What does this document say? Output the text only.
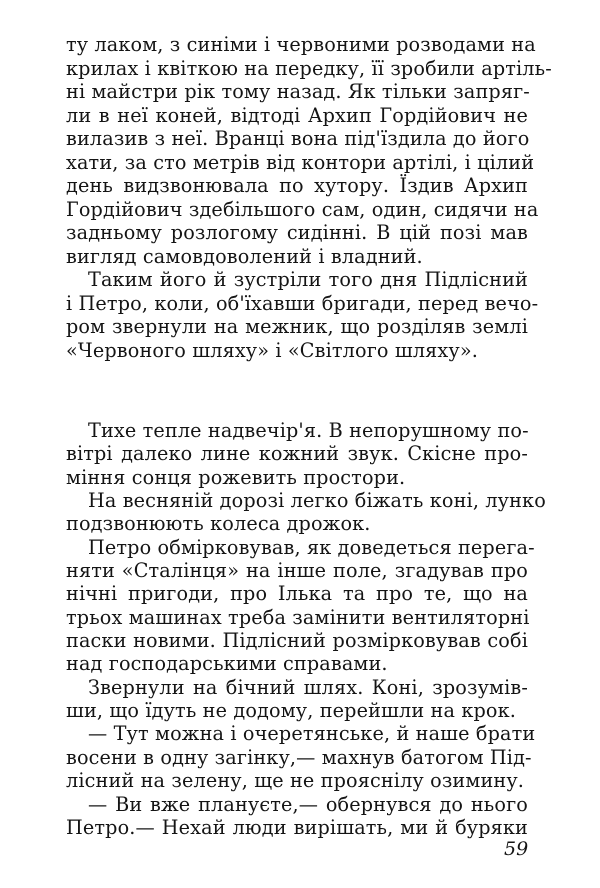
ту лаком, з синіми і червоними розводами на
крилах і квіткою на передку, її зробили артіль-
ні майстри рік тому назад. Як тільки запряг-
ли в неї коней, відтоді Архип Гордійович не
вилазив з неї. Вранці вона під'їздила до його
хати, за сто метрів від контори артілі, і цілий
день видзвонювала по хутору. Їздив Архип
Гордійович здебільшого сам, один, сидячи на
задньому розлогому сидінні. В цій позі мав
вигляд самовдоволений і владний.
Таким його й зустріли того дня Підлісний
і Петро, коли, об'їхавши бригади, перед вечо-
ром звернули на межник, що розділяв землі
«Червоного шляху» і «Світлого шляху».
Тихе тепле надвечір'я. В непорушному по-
вітрі далеко лине кожний звук. Скісне про-
міння сонця рожевить простори.
На весняній дорозі легко біжать коні, лунко
подзвонюють колеса дрожок.
Петро обмірковував, як доведеться перега-
няти «Сталінця» на інше поле, згадував про
нічні пригоди, про Ілька та про те, що на
трьох машинах треба замінити вентиляторні
паски новими. Підлісний розмірковував собі
над господарськими справами.
Звернули на бічний шлях. Коні, зрозумів-
ши, що їдуть не додому, перейшли на крок.
— Тут можна і очеретянське, й наше брати
восени в одну загінку,— махнув батогом Під-
лісний на зелену, ще не прояснілу озимину.
— Ви вже плануєте,— обернувся до нього
Петро.— Нехай люди вирішать, ми й буряки
59
